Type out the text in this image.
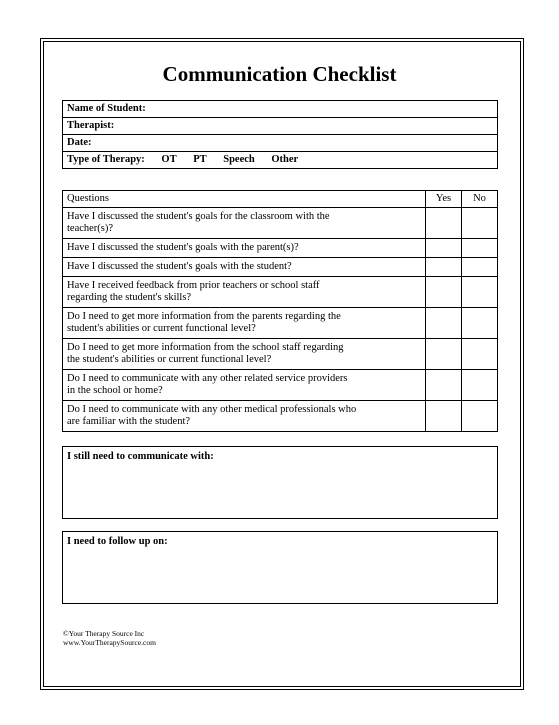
Communication Checklist
Name of Student:
Therapist:
Date:
Type of Therapy: OT PT Speech Other
Questions	Yes	No
Have I discussed the student's goals for the classroom with the
teacher(s)?		
Have I discussed the student's goals with the parent(s)?		
Have I discussed the student's goals with the student?		
Have I received feedback from prior teachers or school staff
regarding the student's skills?		
Do I need to get more information from the parents regarding the
student's abilities or current functional level?		
Do I need to get more information from the school staff regarding
the student's abilities or current functional level?		
Do I need to communicate with any other related service providers
in the school or home?		
Do I need to communicate with any other medical professionals who
are familiar with the student?		
I still need to communicate with:
I need to follow up on:
©Your Therapy Source Inc
www.YourTherapySource.com
